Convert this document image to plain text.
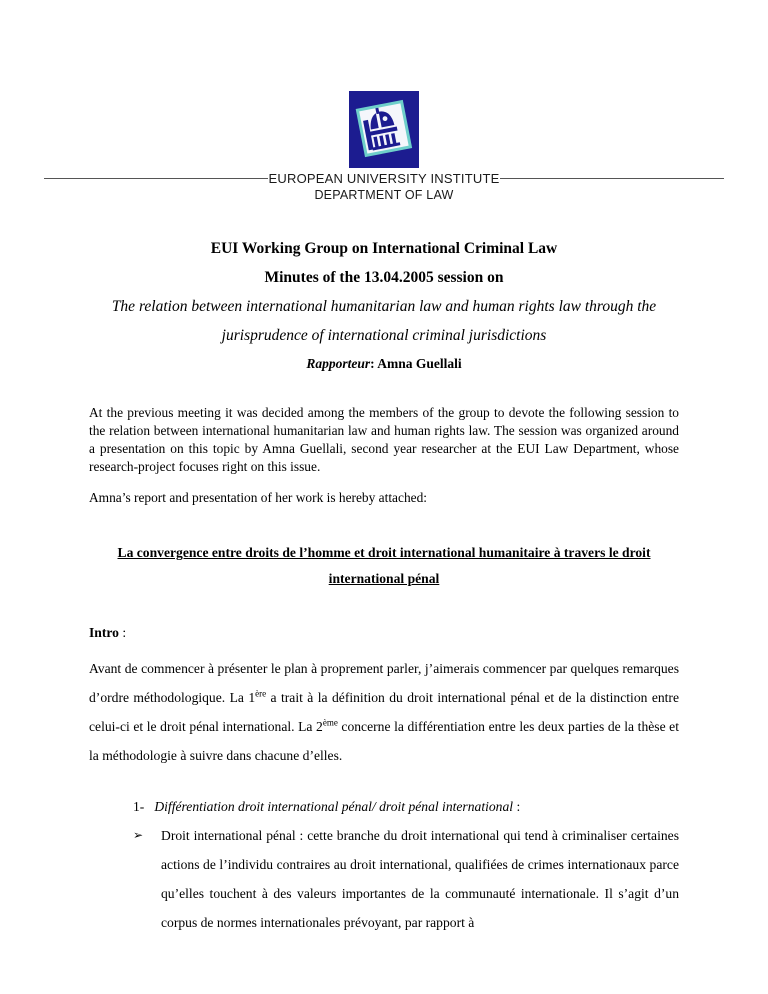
EUROPEAN UNIVERSITY INSTITUTE
DEPARTMENT OF LAW
EUI Working Group on International Criminal Law
Minutes of the 13.04.2005 session on
The relation between international humanitarian law and human rights law through the jurisprudence of international criminal jurisdictions
Rapporteur: Amna Guellali

At the previous meeting it was decided among the members of the group to devote the following session to the relation between international humanitarian law and human rights law. The session was organized around a presentation on this topic by Amna Guellali, second year researcher at the EUI Law Department, whose research-project focuses right on this issue.

Amna’s report and presentation of her work is hereby attached:

La convergence entre droits de l’homme et droit international humanitaire à travers le droit international pénal
Intro :

Avant de commencer à présenter le plan à proprement parler, j’aimerais commencer par quelques remarques d’ordre méthodologique. La 1ère a trait à la définition du droit international pénal et de la distinction entre celui-ci et le droit pénal international. La 2ème concerne la différentiation entre les deux parties de la thèse et la méthodologie à suivre dans chacune d’elles.

1- Différentiation droit international pénal/ droit pénal international :
➢ Droit international pénal : cette branche du droit international qui tend à criminaliser certaines actions de l’individu contraires au droit international, qualifiées de crimes internationaux parce qu’elles touchent à des valeurs importantes de la communauté internationale. Il s’agit d’un corpus de normes internationales prévoyant, par rapport à
